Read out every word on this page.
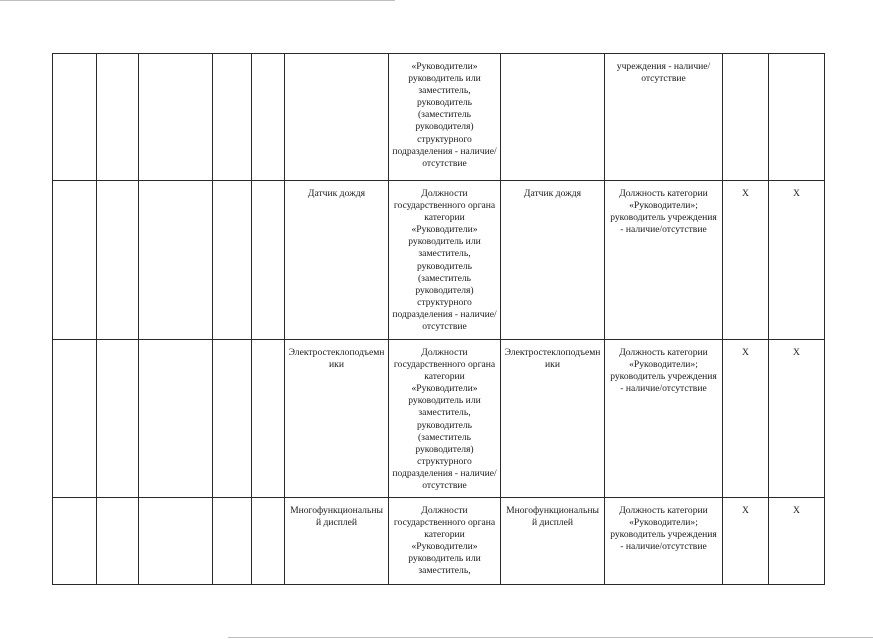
						«Руководители» руководитель или заместитель, руководитель (заместитель руководителя) структурного подразделения - наличие/отсутствие		учреждения - наличие/отсутствие		
					Датчик дождя	Должности государственного органа категории «Руководители» руководитель или заместитель, руководитель (заместитель руководителя) структурного подразделения - наличие/отсутствие	Датчик дождя	Должность категории «Руководители»; руководитель учреждения - наличие/отсутствие	X	X
					Электростеклоподъемники	Должности государственного органа категории «Руководители» руководитель или заместитель, руководитель (заместитель руководителя) структурного подразделения - наличие/отсутствие	Электростеклоподъемники	Должность категории «Руководители»; руководитель учреждения - наличие/отсутствие	X	X
					Многофункциональный дисплей	Должности государственного органа категории «Руководители» руководитель или заместитель,	Многофункциональный дисплей	Должность категории «Руководители»; руководитель учреждения - наличие/отсутствие	X	X
